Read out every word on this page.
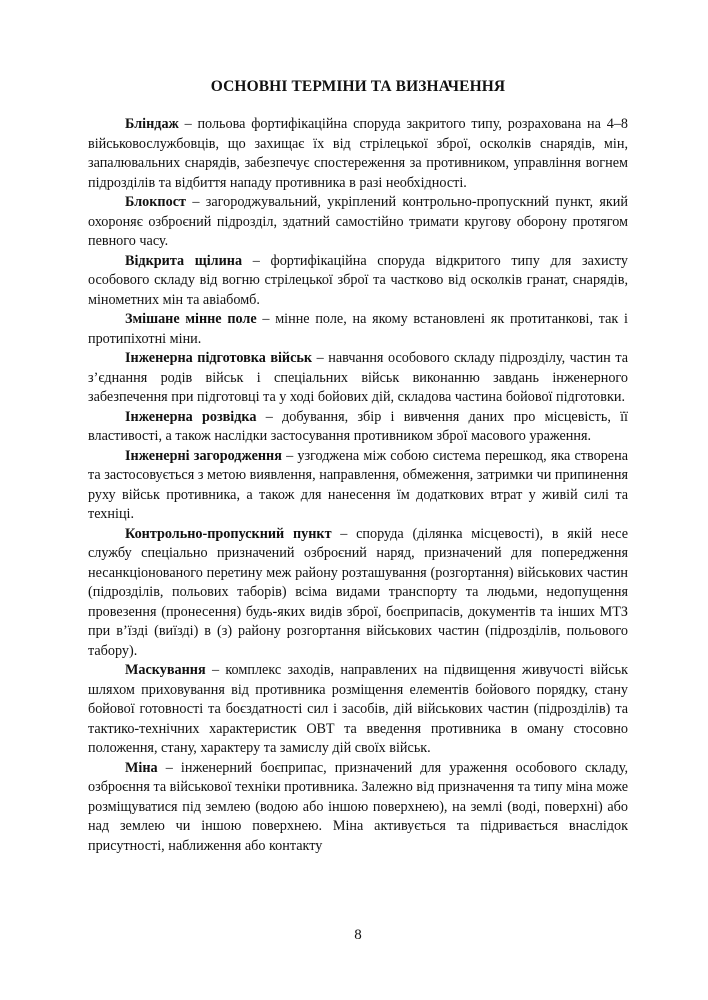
ОСНОВНІ ТЕРМІНИ ТА ВИЗНАЧЕННЯ

Бліндаж – польова фортифікаційна споруда закритого типу, розрахована на 4–8 військовослужбовців, що захищає їх від стрілецької зброї, осколків снарядів, мін, запалювальних снарядів, забезпечує спостереження за противником, управління вогнем підрозділів та відбиття нападу противника в разі необхідності.

Блокпост – загороджувальний, укріплений контрольно-пропускний пункт, який охороняє озброєний підрозділ, здатний самостійно тримати кругову оборону протягом певного часу.

Відкрита щілина – фортифікаційна споруда відкритого типу для захисту особового складу від вогню стрілецької зброї та частково від осколків гранат, снарядів, мінометних мін та авіабомб.

Змішане мінне поле – мінне поле, на якому встановлені як протитанкові, так і протипіхотні міни.

Інженерна підготовка військ – навчання особового складу підрозділу, частин та з’єднання родів військ і спеціальних військ виконанню завдань інженерного забезпечення при підготовці та у ході бойових дій, складова частина бойової підготовки.

Інженерна розвідка – добування, збір і вивчення даних про місцевість, її властивості, а також наслідки застосування противником зброї масового ураження.

Інженерні загородження – узгоджена між собою система перешкод, яка створена та застосовується з метою виявлення, направлення, обмеження, затримки чи припинення руху військ противника, а також для нанесення їм додаткових втрат у живій силі та техніці.

Контрольно-пропускний пункт – споруда (ділянка місцевості), в якій несе службу спеціально призначений озброєний наряд, призначений для попередження несанкціонованого перетину меж району розташування (розгортання) військових частин (підрозділів, польових таборів) всіма видами транспорту та людьми, недопущення провезення (пронесення) будь-яких видів зброї, боєприпасів, документів та інших МТЗ при в’їзді (виїзді) в (з) району розгортання військових частин (підрозділів, польового табору).

Маскування – комплекс заходів, направлених на підвищення живучості військ шляхом приховування від противника розміщення елементів бойового порядку, стану бойової готовності та боєздатності сил і засобів, дій військових частин (підрозділів) та тактико-технічних характеристик ОВТ та введення противника в оману стосовно положення, стану, характеру та замислу дій своїх військ.

Міна – інженерний боєприпас, призначений для ураження особового складу, озброєння та військової техніки противника. Залежно від призначення та типу міна може розміщуватися під землею (водою або іншою поверхнею), на землі (воді, поверхні) або над землею чи іншою поверхнею. Міна активується та підривається внаслідок присутності, наближення або контакту

8
